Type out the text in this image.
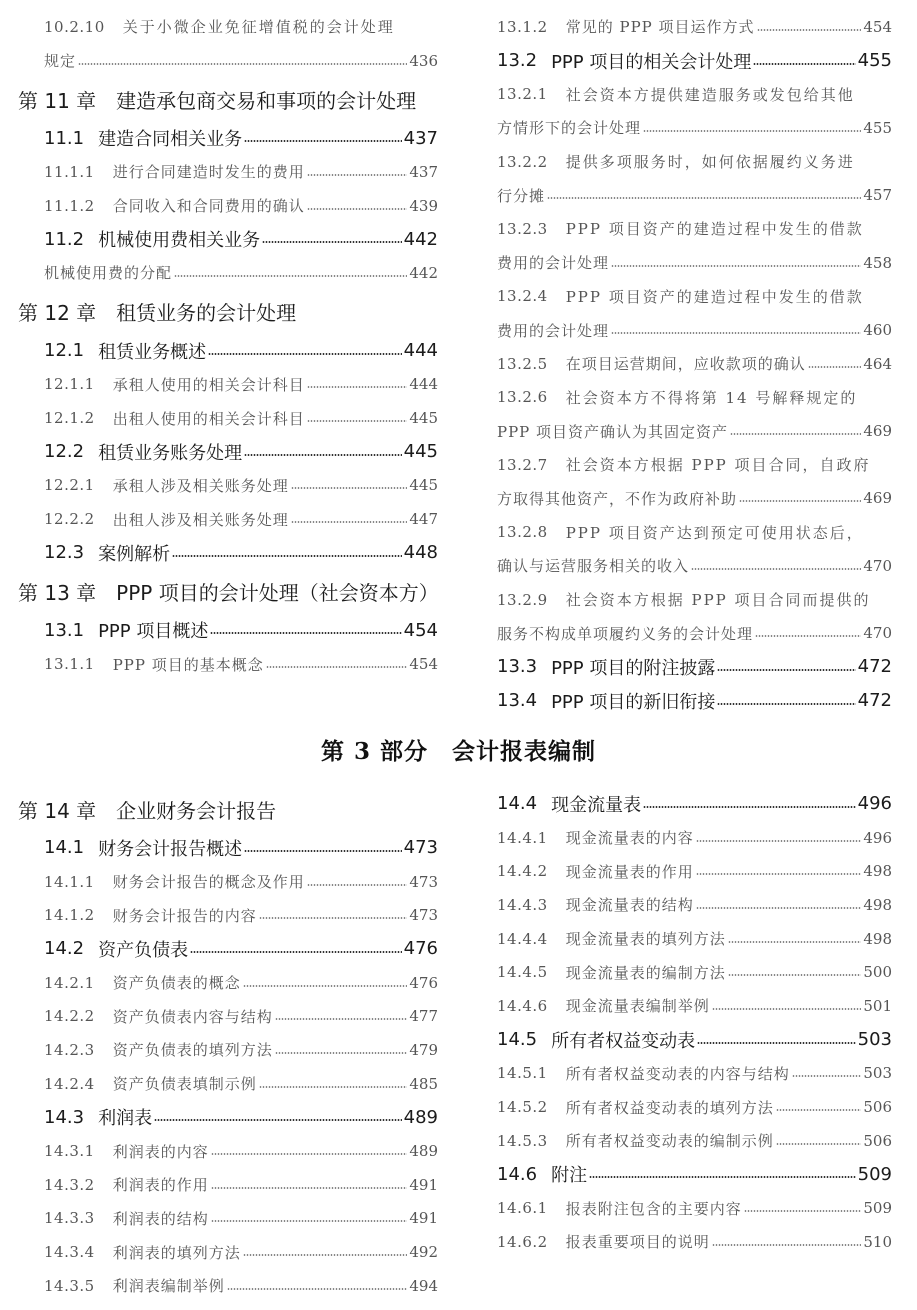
10.2.10 关于小微企业免征增值税的会计处理
规定	436
第 11 章　建造承包商交易和事项的会计处理
11.1 建造合同相关业务	437
11.1.1 进行合同建造时发生的费用	437
11.1.2 合同收入和合同费用的确认	439
11.2 机械使用费相关业务	442
机械使用费的分配	442
第 12 章　租赁业务的会计处理
12.1 租赁业务概述	444
12.1.1 承租人使用的相关会计科目	444
12.1.2 出租人使用的相关会计科目	445
12.2 租赁业务账务处理	445
12.2.1 承租人涉及相关账务处理	445
12.2.2 出租人涉及相关账务处理	447
12.3 案例解析	448
第 13 章　PPP 项目的会计处理（社会资本方）
13.1 PPP 项目概述	454
13.1.1 PPP 项目的基本概念	454
13.1.2 常见的 PPP 项目运作方式	454
13.2 PPP 项目的相关会计处理	455
13.2.1 社会资本方提供建造服务或发包给其他
方情形下的会计处理	455
13.2.2 提供多项服务时，如何依据履约义务进
行分摊	457
13.2.3 PPP 项目资产的建造过程中发生的借款
费用的会计处理	458
13.2.4 PPP 项目资产的建造过程中发生的借款
费用的会计处理	460
13.2.5 在项目运营期间，应收款项的确认	464
13.2.6 社会资本方不得将第 14 号解释规定的
PPP 项目资产确认为其固定资产	469
13.2.7 社会资本方根据 PPP 项目合同，自政府
方取得其他资产，不作为政府补助	469
13.2.8 PPP 项目资产达到预定可使用状态后，
确认与运营服务相关的收入	470
13.2.9 社会资本方根据 PPP 项目合同而提供的
服务不构成单项履约义务的会计处理	470
13.3 PPP 项目的附注披露	472
13.4 PPP 项目的新旧衔接	472
第 3 部分　会计报表编制
第 14 章　企业财务会计报告
14.1 财务会计报告概述	473
14.1.1 财务会计报告的概念及作用	473
14.1.2 财务会计报告的内容	473
14.2 资产负债表	476
14.2.1 资产负债表的概念	476
14.2.2 资产负债表内容与结构	477
14.2.3 资产负债表的填列方法	479
14.2.4 资产负债表填制示例	485
14.3 利润表	489
14.3.1 利润表的内容	489
14.3.2 利润表的作用	491
14.3.3 利润表的结构	491
14.3.4 利润表的填列方法	492
14.3.5 利润表编制举例	494
14.4 现金流量表	496
14.4.1 现金流量表的内容	496
14.4.2 现金流量表的作用	498
14.4.3 现金流量表的结构	498
14.4.4 现金流量表的填列方法	498
14.4.5 现金流量表的编制方法	500
14.4.6 现金流量表编制举例	501
14.5 所有者权益变动表	503
14.5.1 所有者权益变动表的内容与结构	503
14.5.2 所有者权益变动表的填列方法	506
14.5.3 所有者权益变动表的编制示例	506
14.6 附注	509
14.6.1 报表附注包含的主要内容	509
14.6.2 报表重要项目的说明	510
